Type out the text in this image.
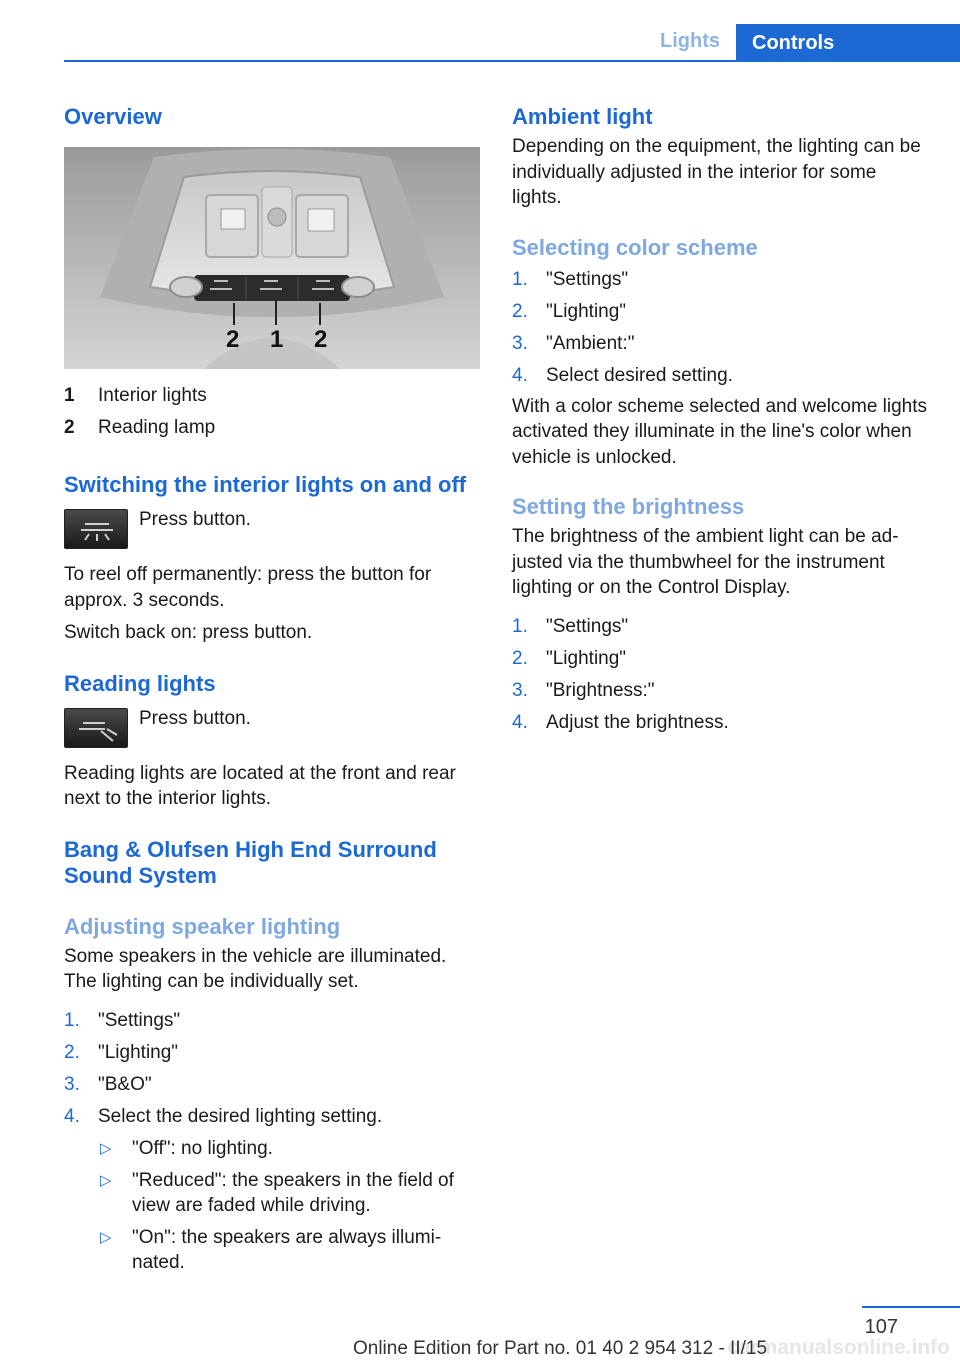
Lights	Controls
Overview
2 1 2
1	Interior lights
2	Reading lamp
Switching the interior lights on and off
Press button.

To reel off permanently: press the button for approx. 3 seconds.

Switch back on: press button.

Reading lights
Press button.

Reading lights are located at the front and rear next to the interior lights.

Bang & Olufsen High End Surround Sound System
Adjusting speaker lighting

Some speakers in the vehicle are illuminated. The lighting can be individually set.

1. "Settings"
2. "Lighting"
3. "B&O"
4. Select the desired lighting setting.
▷	"Off": no lighting.
▷	"Reduced": the speakers in the field of view are faded while driving.
▷	"On": the speakers are always illumi-nated.
Ambient light

Depending on the equipment, the lighting can be individually adjusted in the interior for some lights.

Selecting color scheme
1. "Settings"
2. "Lighting"
3. "Ambient:"
4. Select desired setting.

With a color scheme selected and welcome lights activated they illuminate in the line's color when vehicle is unlocked.

Setting the brightness

The brightness of the ambient light can be ad-justed via the thumbwheel for the instrument lighting or on the Control Display.

1. "Settings"
2. "Lighting"
3. "Brightness:"
4. Adjust the brightness.
107
carmanualsonline.info
Online Edition for Part no. 01 40 2 954 312 - II/15
